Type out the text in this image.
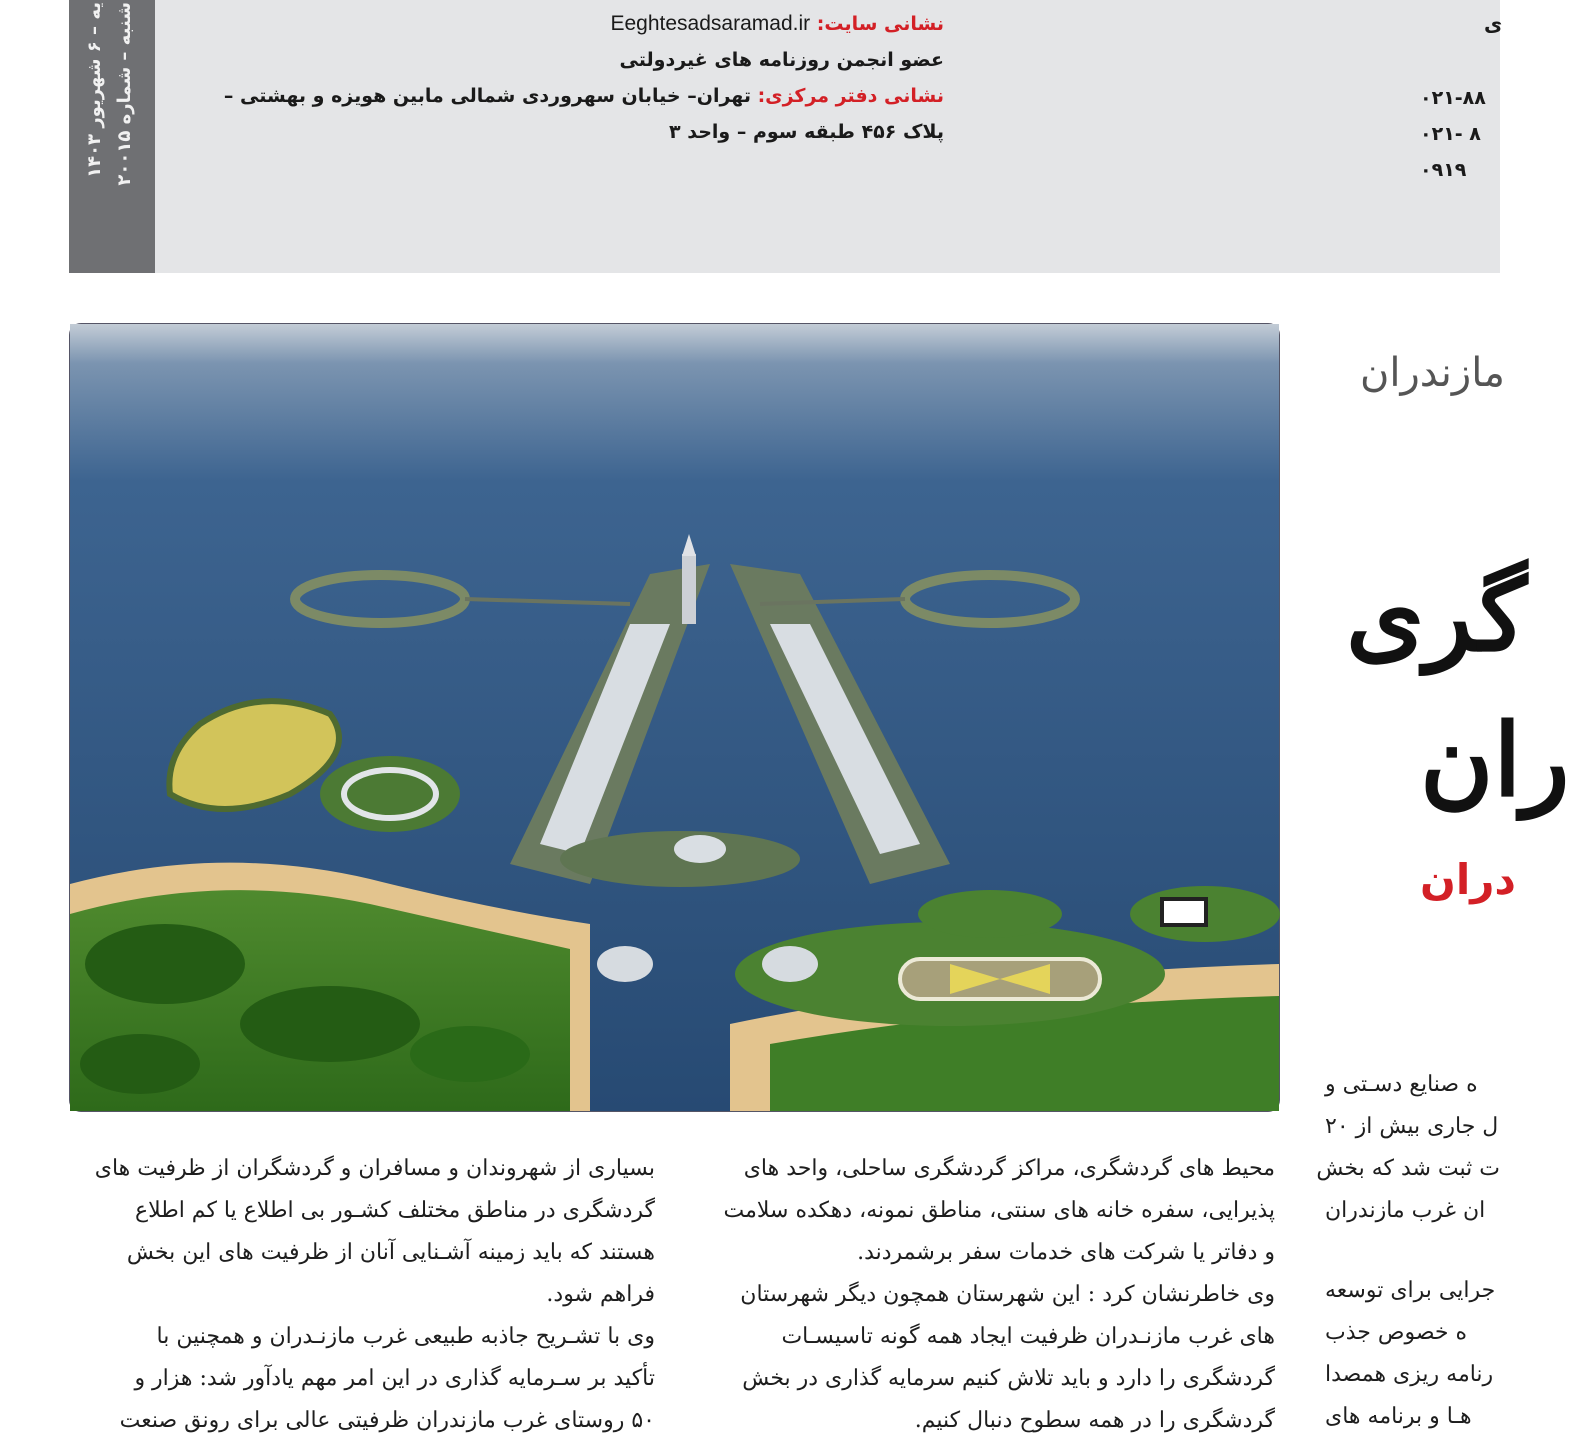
یه – ۶ شهریور ۱۴۰۳
شنبه – شماره ۲۰۰۱۵	نشانی سایت: Eeghtesadsaramad.ir
عضو انجمن روزنامه های غیردولتی
نشانی دفتر مرکزی: تهران– خیابان سهروردی شمالی مابین هویزه و بهشتی –
پلاک ۴۵۶ طبقه سوم – واحد ۳
ی
۰۲۱-۸۸
۰۲۱- ۸
۰۹۱۹
مازندران
گری
ران
دران

بسیاری از شهروندان و مسافران و گردشگران از ظرفیت های

گردشگری در مناطق مختلف کشـور بی اطلاع یا کم اطلاع

هستند که باید زمینه آشـنایی آنان از ظرفیت های این بخش

فراهم شود.

وی با تشـریح جاذبه طبیعی غرب مازنـدران و همچنین با

تأکید بر سـرمایه گذاری در این امر مهم یادآور شد: هزار و

۵۰ روستای غرب مازندران ظرفیتی عالی برای رونق صنعت

محیط های گردشگری، مراکز گردشگری ساحلی، واحد های

پذیرایی، سفره خانه های سنتی، مناطق نمونه، دهکده سلامت

و دفاتر یا شرکت های خدمات سفر برشمردند.

وی خاطرنشان کرد : این شهرستان همچون دیگر شهرستان

های غرب مازنـدران ظرفیت ایجاد همه گونه تاسیسـات

گردشگری را دارد و باید تلاش کنیم سرمایه گذاری در بخش

گردشگری را در همه سطوح دنبال کنیم.

ه صنایع دسـتی و

ل جاری بیش از ۲۰

ت ثبت شد که بخش

ان غرب مازندران

جرایی برای توسعه

ه خصوص جذب

رنامه ریزی همصدا

هـا و برنامه های
